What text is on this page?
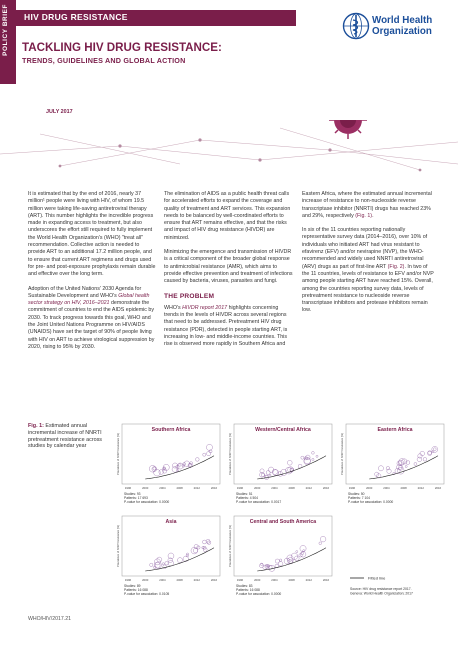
POLICY BRIEF	HIV DRUG RESISTANCE	World Health
Organization
TACKLING HIV DRUG RESISTANCE:
TRENDS, GUIDELINES AND GLOBAL ACTION
JULY 2017

It is estimated that by the end of 2016, nearly 37 million¹ people were living with HIV, of whom 19.5 million were taking life-saving antiretroviral therapy (ART). This number highlights the incredible progress made in expanding access to treatment, but also underscores the effort still required to fully implement the World Health Organization's (WHO) "treat all" recommendation. Collective action is needed to provide ART to an additional 17.2 million people, and to ensure that current ART regimens and drugs used for pre- and post-exposure prophylaxis remain durable and effective over the long term.

Adoption of the United Nations' 2030 Agenda for Sustainable Development and WHO's Global health sector strategy on HIV, 2016–2021 demonstrate the commitment of countries to end the AIDS epidemic by 2030. To track progress towards this goal, WHO and the Joint United Nations Programme on HIV/AIDS (UNAIDS) have set the target of 90% of people living with HIV on ART to achieve virological suppression by 2020, rising to 95% by 2030.

The elimination of AIDS as a public health threat calls for accelerated efforts to expand the coverage and quality of treatment and ART services. This expansion needs to be balanced by well-coordinated efforts to ensure that ART remains effective, and that the risks and impact of HIV drug resistance (HIVDR) are minimized.

Minimizing the emergence and transmission of HIVDR is a critical component of the broader global response to antimicrobial resistance (AMR), which aims to provide effective prevention and treatment of infections caused by bacteria, viruses, parasites and fungi.

THE PROBLEM

WHO's HIVDR report 2017 highlights concerning trends in the levels of HIVDR across several regions that need to be addressed. Pretreatment HIV drug resistance (PDR), detected in people starting ART, is increasing in low- and middle-income countries. This rise is observed more rapidly in Southern Africa and

Eastern Africa, where the estimated annual incremental increase of resistance to non-nucleoside reverse transcriptase inhibitor (NNRTI) drugs has reached 23% and 29%, respectively (Fig. 1).

In six of the 11 countries reporting nationally representative survey data (2014–2016), over 10% of individuals who initiated ART had virus resistant to efavirenz (EFV) and/or nevirapine (NVP), the WHO-recommended and widely used NNRTI antiretroviral (ARV) drugs as part of first-line ART (Fig. 2). In two of the 11 countries, levels of resistance to EFV and/or NVP among people starting ART have reached 15%. Overall, among the countries reporting survey data, levels of pretreatment resistance to nucleoside reverse transcriptase inhibitors and protease inhibitors remain low.

Fig. 1: Estimated annual incremental increase of NNRTI pretreatment resistance across studies by calendar year
Southern Africa
Prevalence of NNRTI resistance (%)
1996	2000	2004	2008	2012	2016
Studies: 93
Patients: 17 693
P-value for association: 0.0000
Western/Central Africa
Prevalence of NNRTI resistance (%)
1996	2000	2004	2008	2012	2016
Studies: 51
Patients: 4 504
P-value for association: 0.0017
Eastern Africa
Prevalence of NNRTI resistance (%)
1996	2000	2004	2008	2012	2016
Studies: 50
Patients: 7 104
P-value for association: 0.0000
Asia
Prevalence of NNRTI resistance (%)
1996	2000	2004	2008	2012	2016
Studies: 89
Patients: 16 088
P-value for association: 0.0105
Central and South America
Prevalence of NNRTI resistance (%)
1996	2000	2004	2008	2012	2016
Studies: 83
Patients: 16 088
P-value for association: 0.0000
Fitted line
Source: HIV drug resistance report 2017. Geneva: World Health Organization; 2017
WHO/HIV/2017.21
